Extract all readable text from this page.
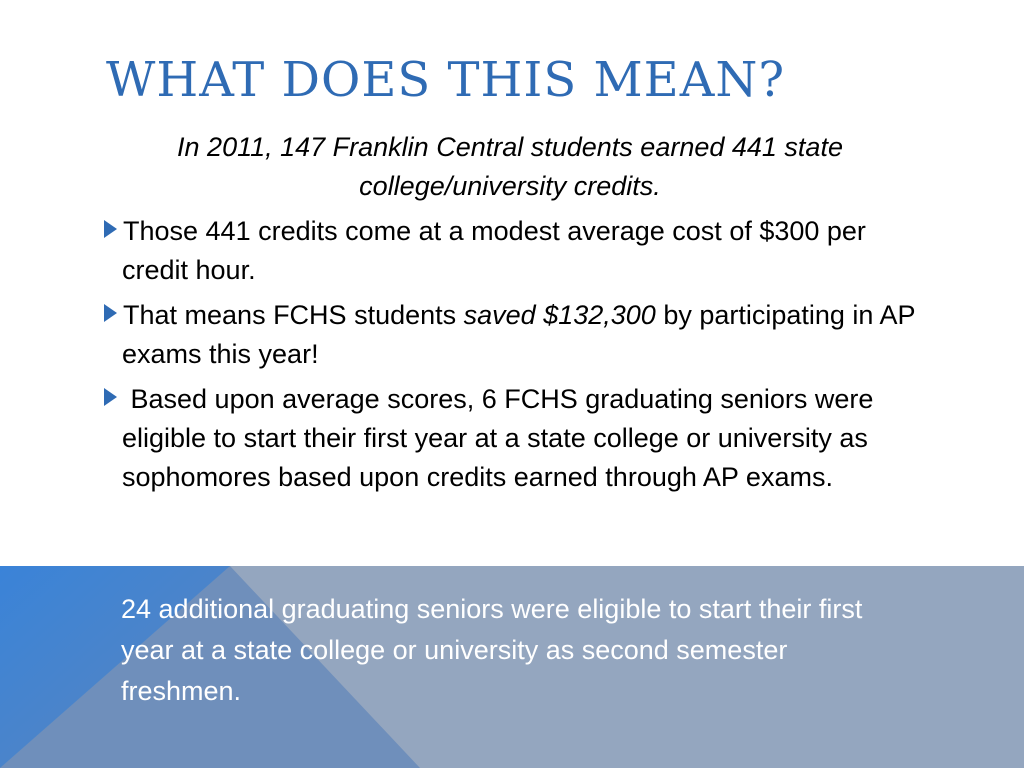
WHAT DOES THIS MEAN?
In 2011, 147 Franklin Central students earned 441 state college/university credits.
Those 441 credits come at a modest average cost of $300 per credit hour.
That means FCHS students saved $132,300 by participating in AP exams this year!
Based upon average scores, 6 FCHS graduating seniors were eligible to start their first year at a state college or university as sophomores based upon credits earned through AP exams.
24 additional graduating seniors were eligible to start their first year at a state college or university as second semester freshmen.
